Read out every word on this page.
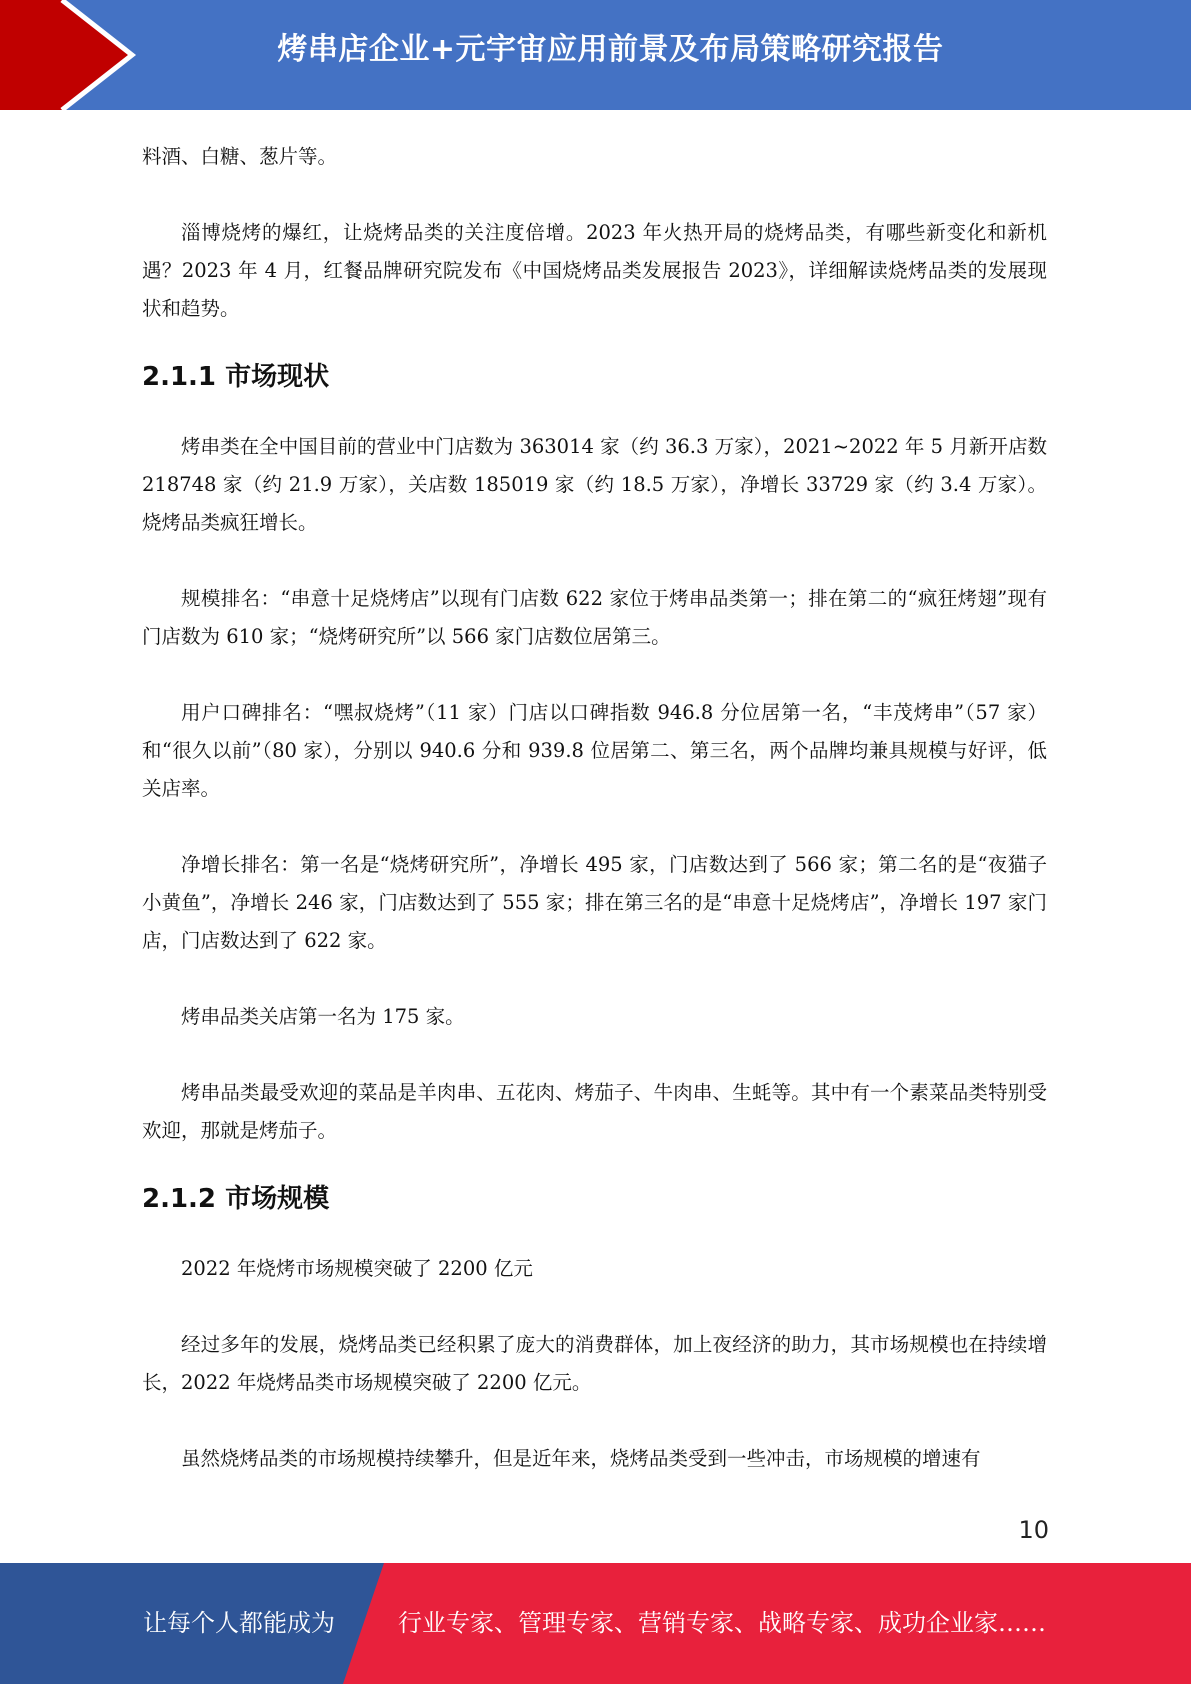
烤串店企业+元宇宙应用前景及布局策略研究报告

料酒、白糖、葱片等。

淄博烧烤的爆红，让烧烤品类的关注度倍增。2023 年火热开局的烧烤品类，有哪些新变化和新机遇？2023 年 4 月，红餐品牌研究院发布《中国烧烤品类发展报告 2023》，详细解读烧烤品类的发展现状和趋势。

2.1.1 市场现状

烤串类在全中国目前的营业中门店数为 363014 家（约 36.3 万家），2021~2022 年 5 月新开店数 218748 家（约 21.9 万家），关店数 185019 家（约 18.5 万家），净增长 33729 家（约 3.4 万家）。烧烤品类疯狂增长。

规模排名：“串意十足烧烤店”以现有门店数 622 家位于烤串品类第一；排在第二的“疯狂烤翅”现有门店数为 610 家；“烧烤研究所”以 566 家门店数位居第三。

用户口碑排名：“嘿叔烧烤”（11 家）门店以口碑指数 946.8 分位居第一名，“丰茂烤串”（57 家）和“很久以前”（80 家），分别以 940.6 分和 939.8 位居第二、第三名，两个品牌均兼具规模与好评，低关店率。

净增长排名：第一名是“烧烤研究所”，净增长 495 家，门店数达到了 566 家；第二名的是“夜猫子小黄鱼”，净增长 246 家，门店数达到了 555 家；排在第三名的是“串意十足烧烤店”，净增长 197 家门店，门店数达到了 622 家。

烤串品类关店第一名为 175 家。

烤串品类最受欢迎的菜品是羊肉串、五花肉、烤茄子、牛肉串、生蚝等。其中有一个素菜品类特别受欢迎，那就是烤茄子。

2.1.2 市场规模

2022 年烧烤市场规模突破了 2200 亿元

经过多年的发展，烧烤品类已经积累了庞大的消费群体，加上夜经济的助力，其市场规模也在持续增长，2022 年烧烤品类市场规模突破了 2200 亿元。

虽然烧烤品类的市场规模持续攀升，但是近年来，烧烤品类受到一些冲击，市场规模的增速有

10
让每个人都能成为	行业专家、管理专家、营销专家、战略专家、成功企业家……
